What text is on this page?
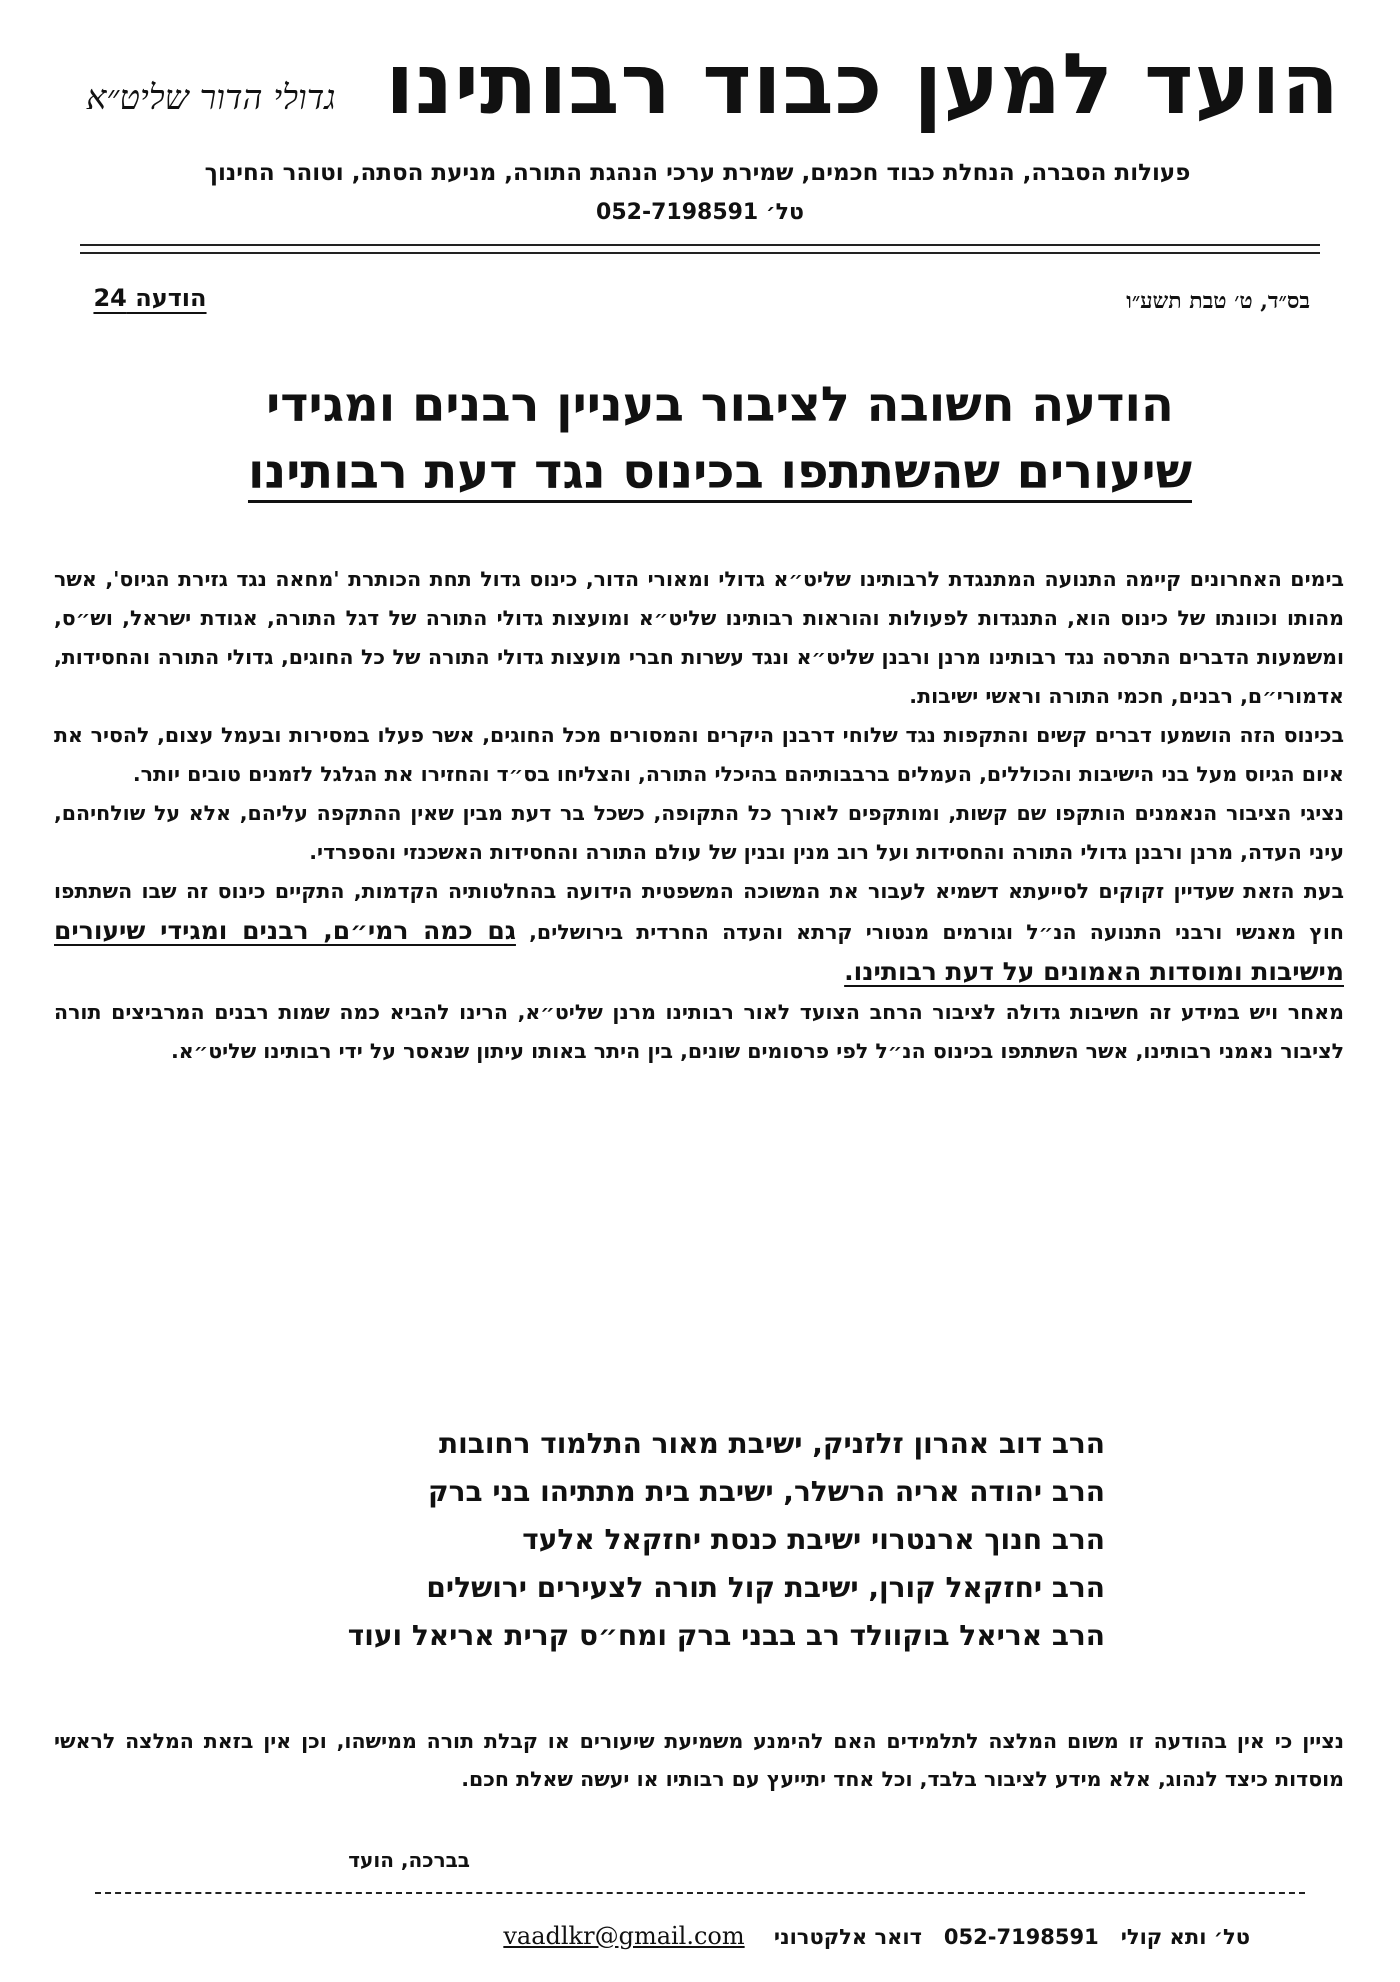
הועד למען כבוד רבותינו
גדולי הדור שליט״א
פעולות הסברה, הנחלת כבוד חכמים, שמירת ערכי הנהגת התורה, מניעת הסתה, וטוהר החינוך
טל׳ 052-7198591
בס״ד, ט׳ טבת תשע״ו
הודעה 24
הודעה חשובה לציבור בעניין רבנים ומגידי
שיעורים שהשתתפו בכינוס נגד דעת רבותינו

בימים האחרונים קיימה התנועה המתנגדת לרבותינו שליט״א גדולי ומאורי הדור, כינוס גדול תחת הכותרת 'מחאה נגד גזירת הגיוס', אשר מהותו וכוונתו של כינוס הוא, התנגדות לפעולות והוראות רבותינו שליט״א ומועצות גדולי התורה של דגל התורה, אגודת ישראל, וש״ס, ומשמעות הדברים התרסה נגד רבותינו מרנן ורבנן שליט״א ונגד עשרות חברי מועצות גדולי התורה של כל החוגים, גדולי התורה והחסידות, אדמורי״ם, רבנים, חכמי התורה וראשי ישיבות.

בכינוס הזה הושמעו דברים קשים והתקפות נגד שלוחי דרבנן היקרים והמסורים מכל החוגים, אשר פעלו במסירות ובעמל עצום, להסיר את איום הגיוס מעל בני הישיבות והכוללים, העמלים ברבבותיהם בהיכלי התורה, והצליחו בס״ד והחזירו את הגלגל לזמנים טובים יותר.

נציגי הציבור הנאמנים הותקפו שם קשות, ומותקפים לאורך כל התקופה, כשכל בר דעת מבין שאין ההתקפה עליהם, אלא על שולחיהם, עיני העדה, מרנן ורבנן גדולי התורה והחסידות ועל רוב מנין ובנין של עולם התורה והחסידות האשכנזי והספרדי.

בעת הזאת שעדיין זקוקים לסייעתא דשמיא לעבור את המשוכה המשפטית הידועה בהחלטותיה הקדמות, התקיים כינוס זה שבו השתתפו חוץ מאנשי ורבני התנועה הנ״ל וגורמים מנטורי קרתא והעדה החרדית בירושלים, גם כמה רמי״ם, רבנים ומגידי שיעורים מישיבות ומוסדות האמונים על דעת רבותינו.

מאחר ויש במידע זה חשיבות גדולה לציבור הרחב הצועד לאור רבותינו מרנן שליט״א, הרינו להביא כמה שמות רבנים המרביצים תורה לציבור נאמני רבותינו, אשר השתתפו בכינוס הנ״ל לפי פרסומים שונים, בין היתר באותו עיתון שנאסר על ידי רבותינו שליט״א.

הרב דוב אהרון זלזניק, ישיבת מאור התלמוד רחובות
הרב יהודה אריה הרשלר, ישיבת בית מתתיהו בני ברק
הרב חנוך ארנטרוי ישיבת כנסת יחזקאל אלעד
הרב יחזקאל קורן, ישיבת קול תורה לצעירים ירושלים
הרב אריאל בוקוולד רב בבני ברק ומח״ס קרית אריאל ועוד
נציין כי אין בהודעה זו משום המלצה לתלמידים האם להימנע משמיעת שיעורים או קבלת תורה ממישהו, וכן אין בזאת המלצה לראשי מוסדות כיצד לנהוג, אלא מידע לציבור בלבד, וכל אחד יתייעץ עם רבותיו או יעשה שאלת חכם.
בברכה, הועד
טל׳ ותא קולי   052-7198591   דואר אלקטרוני    vaadlkr@gmail.com
